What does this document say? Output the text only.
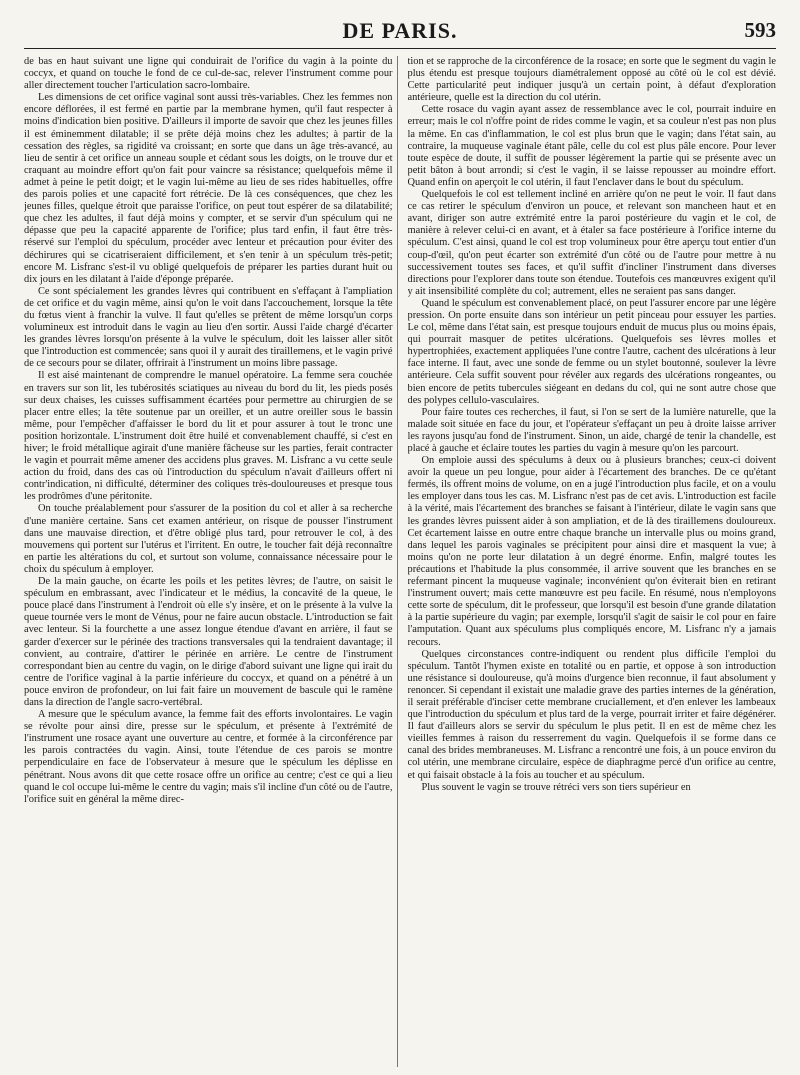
DE PARIS.	593

de bas en haut suivant une ligne qui conduirait de l'orifice du vagin à la pointe du coccyx, et quand on touche le fond de ce cul-de-sac, relever l'instrument comme pour aller directement toucher l'articulation sacro-lombaire.

Les dimensions de cet orifice vaginal sont aussi très-variables. Chez les femmes non encore déflorées, il est fermé en partie par la membrane hymen, qu'il faut respecter à moins d'indication bien positive. D'ailleurs il importe de savoir que chez les jeunes filles il est éminemment dilatable; il se prête déjà moins chez les adultes; à partir de la cessation des règles, sa rigidité va croissant; en sorte que dans un âge très-avancé, au lieu de sentir à cet orifice un anneau souple et cédant sous les doigts, on le trouve dur et craquant au moindre effort qu'on fait pour vaincre sa résistance; quelquefois même il admet à peine le petit doigt; et le vagin lui-même au lieu de ses rides habituelles, offre des parois polies et une capacité fort rétrécie. De là ces conséquences, que chez les jeunes filles, quelque étroit que paraisse l'orifice, on peut tout espérer de sa dilatabilité; que chez les adultes, il faut déjà moins y compter, et se servir d'un spéculum qui ne dépasse que peu la capacité apparente de l'orifice; plus tard enfin, il faut être très-réservé sur l'emploi du spéculum, procéder avec lenteur et précaution pour éviter des déchirures qui se cicatriseraient difficilement, et s'en tenir à un spéculum très-petit; encore M. Lisfranc s'est-il vu obligé quelquefois de préparer les parties durant huit ou dix jours en les dilatant à l'aide d'éponge préparée.

Ce sont spécialement les grandes lèvres qui contribuent en s'effaçant à l'ampliation de cet orifice et du vagin même, ainsi qu'on le voit dans l'accouchement, lorsque la tête du fœtus vient à franchir la vulve. Il faut qu'elles se prêtent de même lorsqu'un corps volumineux est introduit dans le vagin au lieu d'en sortir. Aussi l'aide chargé d'écarter les grandes lèvres lorsqu'on présente à la vulve le spéculum, doit les laisser aller sitôt que l'introduction est commencée; sans quoi il y aurait des tiraillemens, et le vagin privé de ce secours pour se dilater, offrirait à l'instrument un moins libre passage.

Il est aisé maintenant de comprendre le manuel opératoire. La femme sera couchée en travers sur son lit, les tubérosités sciatiques au niveau du bord du lit, les pieds posés sur deux chaises, les cuisses suffisamment écartées pour permettre au chirurgien de se placer entre elles; la tête soutenue par un oreiller, et un autre oreiller sous le bassin même, pour l'empêcher d'affaisser le bord du lit et pour assurer à tout le tronc une position horizontale. L'instrument doit être huilé et convenablement chauffé, si c'est en hiver; le froid métallique agirait d'une manière fâcheuse sur les parties, ferait contracter le vagin et pourrait même amener des accidens plus graves. M. Lisfranc a vu cette seule action du froid, dans des cas où l'introduction du spéculum n'avait d'ailleurs offert ni contr'indication, ni difficulté, déterminer des coliques très-douloureuses et presque tous les prodrômes d'une péritonite.

On touche préalablement pour s'assurer de la position du col et aller à sa recherche d'une manière certaine. Sans cet examen antérieur, on risque de pousser l'instrument dans une mauvaise direction, et d'être obligé plus tard, pour retrouver le col, à des mouvemens qui portent sur l'utérus et l'irritent. En outre, le toucher fait déjà reconnaître en partie les altérations du col, et surtout son volume, connaissance nécessaire pour le choix du spéculum à employer.

De la main gauche, on écarte les poils et les petites lèvres; de l'autre, on saisit le spéculum en embrassant, avec l'indicateur et le médius, la concavité de la queue, le pouce placé dans l'instrument à l'endroit où elle s'y insère, et on le présente à la vulve la queue tournée vers le mont de Vénus, pour ne faire aucun obstacle. L'introduction se fait avec lenteur. Si la fourchette a une assez longue étendue d'avant en arrière, il faut se garder d'exercer sur le périnée des tractions transversales qui la tendraient davantage; il convient, au contraire, d'attirer le périnée en arrière. Le centre de l'instrument correspondant bien au centre du vagin, on le dirige d'abord suivant une ligne qui irait du centre de l'orifice vaginal à la partie inférieure du coccyx, et quand on a pénétré à un pouce environ de profondeur, on lui fait faire un mouvement de bascule qui le ramène dans la direction de l'angle sacro-vertébral.

A mesure que le spéculum avance, la femme fait des efforts involontaires. Le vagin se révolte pour ainsi dire, presse sur le spéculum, et présente à l'extrémité de l'instrument une rosace ayant une ouverture au centre, et formée à la circonférence par les parois contractées du vagin. Ainsi, toute l'étendue de ces parois se montre perpendiculaire en face de l'observateur à mesure que le spéculum les déplisse en pénétrant. Nous avons dit que cette rosace offre un orifice au centre; c'est ce qui a lieu quand le col occupe lui-même le centre du vagin; mais s'il incline d'un côté ou de l'autre, l'orifice suit en général la même direc-

tion et se rapproche de la circonférence de la rosace; en sorte que le segment du vagin le plus étendu est presque toujours diamétralement opposé au côté où le col est dévié. Cette particularité peut indiquer jusqu'à un certain point, à défaut d'exploration antérieure, quelle est la direction du col utérin.

Cette rosace du vagin ayant assez de ressemblance avec le col, pourrait induire en erreur; mais le col n'offre point de rides comme le vagin, et sa couleur n'est pas non plus la même. En cas d'inflammation, le col est plus brun que le vagin; dans l'état sain, au contraire, la muqueuse vaginale étant pâle, celle du col est plus pâle encore. Pour lever toute espèce de doute, il suffit de pousser légèrement la partie qui se présente avec un petit bâton à bout arrondi; si c'est le vagin, il se laisse repousser au moindre effort. Quand enfin on aperçoit le col utérin, il faut l'enclaver dans le bout du spéculum.

Quelquefois le col est tellement incliné en arrière qu'on ne peut le voir. Il faut dans ce cas retirer le spéculum d'environ un pouce, et relevant son mancheen haut et en avant, diriger son autre extrémité entre la paroi postérieure du vagin et le col, de manière à relever celui-ci en avant, et à étaler sa face postérieure à l'orifice interne du spéculum. C'est ainsi, quand le col est trop volumineux pour être aperçu tout entier d'un coup-d'œil, qu'on peut écarter son extrémité d'un côté ou de l'autre pour mettre à nu successivement toutes ses faces, et qu'il suffit d'incliner l'instrument dans diverses directions pour l'explorer dans toute son étendue. Toutefois ces manœuvres exigent qu'il y ait insensibilité complète du col; autrement, elles ne seraient pas sans danger.

Quand le spéculum est convenablement placé, on peut l'assurer encore par une légère pression. On porte ensuite dans son intérieur un petit pinceau pour essuyer les parties. Le col, même dans l'état sain, est presque toujours enduit de mucus plus ou moins épais, qui pourrait masquer de petites ulcérations. Quelquefois ses lèvres molles et hypertrophiées, exactement appliquées l'une contre l'autre, cachent des ulcérations à leur face interne. Il faut, avec une sonde de femme ou un stylet boutonné, soulever la lèvre antérieure. Cela suffit souvent pour révéler aux regards des ulcérations rongeantes, ou bien encore de petits tubercules siégeant en dedans du col, qui ne sont autre chose que des polypes cellulo-vasculaires.

Pour faire toutes ces recherches, il faut, si l'on se sert de la lumière naturelle, que la malade soit située en face du jour, et l'opérateur s'effaçant un peu à droite laisse arriver les rayons jusqu'au fond de l'instrument. Sinon, un aide, chargé de tenir la chandelle, est placé à gauche et éclaire toutes les parties du vagin à mesure qu'on les parcourt.

On emploie aussi des spéculums à deux ou à plusieurs branches; ceux-ci doivent avoir la queue un peu longue, pour aider à l'écartement des branches. De ce qu'étant fermés, ils offrent moins de volume, on en a jugé l'introduction plus facile, et on a voulu les employer dans tous les cas. M. Lisfranc n'est pas de cet avis. L'introduction est facile à la vérité, mais l'écartement des branches se faisant à l'intérieur, dilate le vagin sans que les grandes lèvres puissent aider à son ampliation, et de là des tiraillemens douloureux. Cet écartement laisse en outre entre chaque branche un intervalle plus ou moins grand, dans lequel les parois vaginales se précipitent pour ainsi dire et masquent la vue; à moins qu'on ne porte leur dilatation à un degré énorme. Enfin, malgré toutes les précautions et l'habitude la plus consommée, il arrive souvent que les branches en se refermant pincent la muqueuse vaginale; inconvénient qu'on éviterait bien en retirant l'instrument ouvert; mais cette manœuvre est peu facile. En résumé, nous n'employons cette sorte de spéculum, dit le professeur, que lorsqu'il est besoin d'une grande dilatation à la partie supérieure du vagin; par exemple, lorsqu'il s'agit de saisir le col pour en faire l'amputation. Quant aux spéculums plus compliqués encore, M. Lisfranc n'y a jamais recours.

Quelques circonstances contre-indiquent ou rendent plus difficile l'emploi du spéculum. Tantôt l'hymen existe en totalité ou en partie, et oppose à son introduction une résistance si douloureuse, qu'à moins d'urgence bien reconnue, il faut absolument y renoncer. Si cependant il existait une maladie grave des parties internes de la génération, il serait préférable d'inciser cette membrane cruciallement, et d'en enlever les lambeaux que l'introduction du spéculum et plus tard de la verge, pourrait irriter et faire dégénérer. Il faut d'ailleurs alors se servir du spéculum le plus petit. Il en est de même chez les vieilles femmes à raison du resserrement du vagin. Quelquefois il se forme dans ce canal des brides membraneuses. M. Lisfranc a rencontré une fois, à un pouce environ du col utérin, une membrane circulaire, espèce de diaphragme percé d'un orifice au centre, et qui faisait obstacle à la fois au toucher et au spéculum.

Plus souvent le vagin se trouve rétréci vers son tiers supérieur en
